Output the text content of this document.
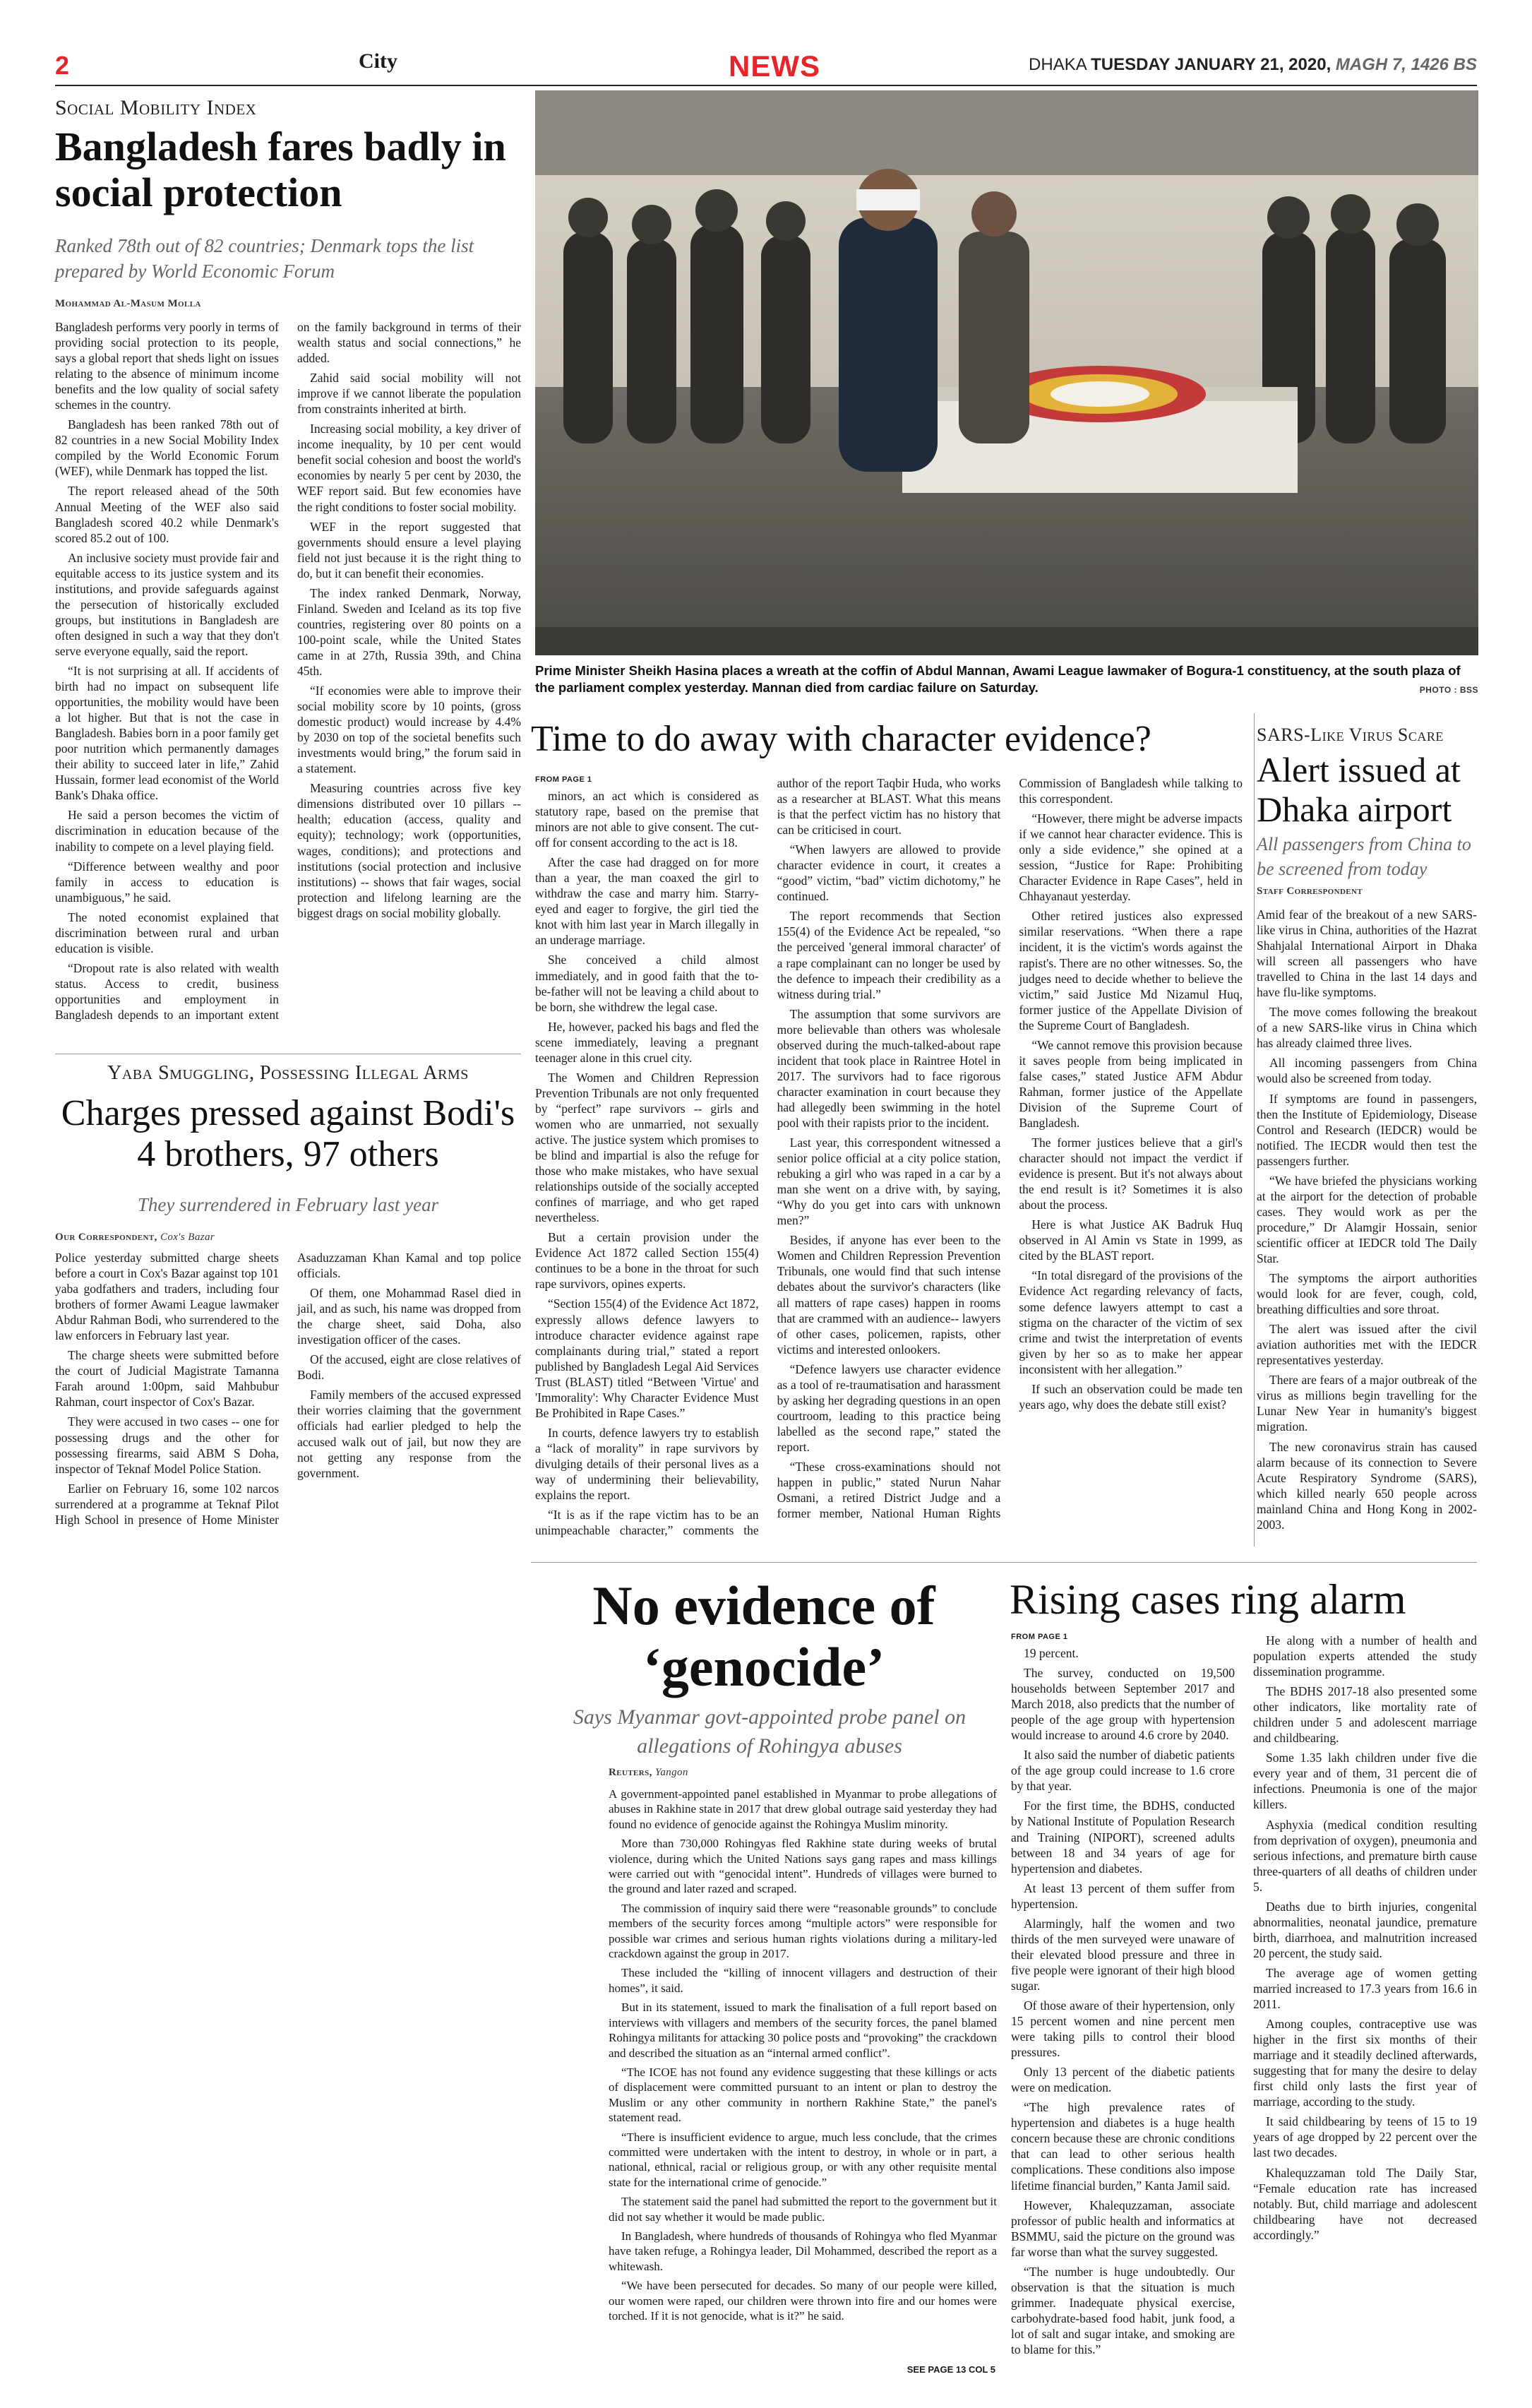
2	City	NEWS	DHAKA TUESDAY JANUARY 21, 2020, MAGH 7, 1426 BS
Social Mobility Index
Bangladesh fares badly in social protection
Ranked 78th out of 82 countries; Denmark tops the list prepared by World Economic Forum
Mohammad Al-Masum Molla

Bangladesh performs very poorly in terms of providing social protection to its people, says a global report that sheds light on issues relating to the absence of minimum income benefits and the low quality of social safety schemes in the country.

Bangladesh has been ranked 78th out of 82 countries in a new Social Mobility Index compiled by the World Economic Forum (WEF), while Denmark has topped the list.

The report released ahead of the 50th Annual Meeting of the WEF also said Bangladesh scored 40.2 while Denmark's scored 85.2 out of 100.

An inclusive society must provide fair and equitable access to its justice system and its institutions, and provide safeguards against the persecution of historically excluded groups, but institutions in Bangladesh are often designed in such a way that they don't serve everyone equally, said the report.

“It is not surprising at all. If accidents of birth had no impact on subsequent life opportunities, the mobility would have been a lot higher. But that is not the case in Bangladesh. Babies born in a poor family get poor nutrition which permanently damages their ability to succeed later in life,” Zahid Hussain, former lead economist of the World Bank's Dhaka office.

He said a person becomes the victim of discrimination in education because of the inability to compete on a level playing field.

“Difference between wealthy and poor family in access to education is unambiguous,” he said.

The noted economist explained that discrimination between rural and urban education is visible.

“Dropout rate is also related with wealth status. Access to credit, business opportunities and employment in Bangladesh depends to an important extent on the family background in terms of their wealth status and social connections,” he added.

Zahid said social mobility will not improve if we cannot liberate the population from constraints inherited at birth.

Increasing social mobility, a key driver of income inequality, by 10 per cent would benefit social cohesion and boost the world's economies by nearly 5 per cent by 2030, the WEF report said. But few economies have the right conditions to foster social mobility.

WEF in the report suggested that governments should ensure a level playing field not just because it is the right thing to do, but it can benefit their economies.

The index ranked Denmark, Norway, Finland. Sweden and Iceland as its top five countries, registering over 80 points on a 100-point scale, while the United States came in at 27th, Russia 39th, and China 45th.

“If economies were able to improve their social mobility score by 10 points, (gross domestic product) would increase by 4.4% by 2030 on top of the societal benefits such investments would bring,” the forum said in a statement.

Measuring countries across five key dimensions distributed over 10 pillars -- health; education (access, quality and equity); technology; work (opportunities, wages, conditions); and protections and institutions (social protection and inclusive institutions) -- shows that fair wages, social protection and lifelong learning are the biggest drags on social mobility globally.

Prime Minister Sheikh Hasina places a wreath at the coffin of Abdul Mannan, Awami League lawmaker of Bogura-1 constituency, at the south plaza of the parliament complex yesterday. Mannan died from cardiac failure on Saturday.	PHOTO : BSS
Yaba Smuggling, Possessing Illegal Arms
Charges pressed against Bodi's 4 brothers, 97 others
They surrendered in February last year
Our Correspondent, Cox's Bazar

Police yesterday submitted charge sheets before a court in Cox's Bazar against top 101 yaba godfathers and traders, including four brothers of former Awami League lawmaker Abdur Rahman Bodi, who surrendered to the law enforcers in February last year.

The charge sheets were submitted before the court of Judicial Magistrate Tamanna Farah around 1:00pm, said Mahbubur Rahman, court inspector of Cox's Bazar.

They were accused in two cases -- one for possessing drugs and the other for possessing firearms, said ABM S Doha, inspector of Teknaf Model Police Station.

Earlier on February 16, some 102 narcos surrendered at a programme at Teknaf Pilot High School in presence of Home Minister Asaduzzaman Khan Kamal and top police officials.

Of them, one Mohammad Rasel died in jail, and as such, his name was dropped from the charge sheet, said Doha, also investigation officer of the cases.

Of the accused, eight are close relatives of Bodi.

Family members of the accused expressed their worries claiming that the government officials had earlier pledged to help the accused walk out of jail, but now they are not getting any response from the government.

Time to do away with character evidence?

FROM PAGE 1

minors, an act which is considered as statutory rape, based on the premise that minors are not able to give consent. The cut-off for consent according to the act is 18.

After the case had dragged on for more than a year, the man coaxed the girl to withdraw the case and marry him. Starry-eyed and eager to forgive, the girl tied the knot with him last year in March illegally in an underage marriage.

She conceived a child almost immediately, and in good faith that the to-be-father will not be leaving a child about to be born, she withdrew the legal case.

He, however, packed his bags and fled the scene immediately, leaving a pregnant teenager alone in this cruel city.

The Women and Children Repression Prevention Tribunals are not only frequented by “perfect” rape survivors -- girls and women who are unmarried, not sexually active. The justice system which promises to be blind and impartial is also the refuge for those who make mistakes, who have sexual relationships outside of the socially accepted confines of marriage, and who get raped nevertheless.

But a certain provision under the Evidence Act 1872 called Section 155(4) continues to be a bone in the throat for such rape survivors, opines experts.

“Section 155(4) of the Evidence Act 1872, expressly allows defence lawyers to introduce character evidence against rape complainants during trial,” stated a report published by Bangladesh Legal Aid Services Trust (BLAST) titled “Between 'Virtue' and 'Immorality': Why Character Evidence Must Be Prohibited in Rape Cases.”

In courts, defence lawyers try to establish a “lack of morality” in rape survivors by divulging details of their personal lives as a way of undermining their believability, explains the report.

“It is as if the rape victim has to be an unimpeachable character,” comments the author of the report Taqbir Huda, who works as a researcher at BLAST. What this means is that the perfect victim has no history that can be criticised in court.

“When lawyers are allowed to provide character evidence in court, it creates a “good” victim, “bad” victim dichotomy,” he continued.

The report recommends that Section 155(4) of the Evidence Act be repealed, “so the perceived 'general immoral character' of a rape complainant can no longer be used by the defence to impeach their credibility as a witness during trial.”

The assumption that some survivors are more believable than others was wholesale observed during the much-talked-about rape incident that took place in Raintree Hotel in 2017. The survivors had to face rigorous character examination in court because they had allegedly been swimming in the hotel pool with their rapists prior to the incident.

Last year, this correspondent witnessed a senior police official at a city police station, rebuking a girl who was raped in a car by a man she went on a drive with, by saying, “Why do you get into cars with unknown men?”

Besides, if anyone has ever been to the Women and Children Repression Prevention Tribunals, one would find that such intense debates about the survivor's characters (like all matters of rape cases) happen in rooms that are crammed with an audience-- lawyers of other cases, policemen, rapists, other victims and interested onlookers.

“Defence lawyers use character evidence as a tool of re-traumatisation and harassment by asking her degrading questions in an open courtroom, leading to this practice being labelled as the second rape,” stated the report.

“These cross-examinations should not happen in public,” stated Nurun Nahar Osmani, a retired District Judge and a former member, National Human Rights Commission of Bangladesh while talking to this correspondent.

“However, there might be adverse impacts if we cannot hear character evidence. This is only a side evidence,” she opined at a session, “Justice for Rape: Prohibiting Character Evidence in Rape Cases”, held in Chhayanaut yesterday.

Other retired justices also expressed similar reservations. “When there a rape incident, it is the victim's words against the rapist's. There are no other witnesses. So, the judges need to decide whether to believe the victim,” said Justice Md Nizamul Huq, former justice of the Appellate Division of the Supreme Court of Bangladesh.

“We cannot remove this provision because it saves people from being implicated in false cases,” stated Justice AFM Abdur Rahman, former justice of the Appellate Division of the Supreme Court of Bangladesh.

The former justices believe that a girl's character should not impact the verdict if evidence is present. But it's not always about the end result is it? Sometimes it is also about the process.

Here is what Justice AK Badruk Huq observed in Al Amin vs State in 1999, as cited by the BLAST report.

“In total disregard of the provisions of the Evidence Act regarding relevancy of facts, some defence lawyers attempt to cast a stigma on the character of the victim of sex crime and twist the interpretation of events given by her so as to make her appear inconsistent with her allegation.”

If such an observation could be made ten years ago, why does the debate still exist?

SARS-Like Virus Scare
Alert issued at Dhaka airport
All passengers from China to be screened from today
Staff Correspondent

Amid fear of the breakout of a new SARS-like virus in China, authorities of the Hazrat Shahjalal International Airport in Dhaka will screen all passengers who have travelled to China in the last 14 days and have flu-like symptoms.

The move comes following the breakout of a new SARS-like virus in China which has already claimed three lives.

All incoming passengers from China would also be screened from today.

If symptoms are found in passengers, then the Institute of Epidemiology, Disease Control and Research (IEDCR) would be notified. The IECDR would then test the passengers further.

“We have briefed the physicians working at the airport for the detection of probable cases. They would work as per the procedure,” Dr Alamgir Hossain, senior scientific officer at IEDCR told The Daily Star.

The symptoms the airport authorities would look for are fever, cough, cold, breathing difficulties and sore throat.

The alert was issued after the civil aviation authorities met with the IEDCR representatives yesterday.

There are fears of a major outbreak of the virus as millions begin travelling for the Lunar New Year in humanity's biggest migration.

The new coronavirus strain has caused alarm because of its connection to Severe Acute Respiratory Syndrome (SARS), which killed nearly 650 people across mainland China and Hong Kong in 2002-2003.

No evidence of
‘genocide’
Says Myanmar govt-appointed probe panel on allegations of Rohingya abuses
Reuters, Yangon

A government-appointed panel established in Myanmar to probe allegations of abuses in Rakhine state in 2017 that drew global outrage said yesterday they had found no evidence of genocide against the Rohingya Muslim minority.

More than 730,000 Rohingyas fled Rakhine state during weeks of brutal violence, during which the United Nations says gang rapes and mass killings were carried out with “genocidal intent”. Hundreds of villages were burned to the ground and later razed and scraped.

The commission of inquiry said there were “reasonable grounds” to conclude members of the security forces among “multiple actors” were responsible for possible war crimes and serious human rights violations during a military-led crackdown against the group in 2017.

These included the “killing of innocent villagers and destruction of their homes”, it said.

But in its statement, issued to mark the finalisation of a full report based on interviews with villagers and members of the security forces, the panel blamed Rohingya militants for attacking 30 police posts and “provoking” the crackdown and described the situation as an “internal armed conflict”.

“The ICOE has not found any evidence suggesting that these killings or acts of displacement were committed pursuant to an intent or plan to destroy the Muslim or any other community in northern Rakhine State,” the panel's statement read.

“There is insufficient evidence to argue, much less conclude, that the crimes committed were undertaken with the intent to destroy, in whole or in part, a national, ethnical, racial or religious group, or with any other requisite mental state for the international crime of genocide.”

The statement said the panel had submitted the report to the government but it did not say whether it would be made public.

In Bangladesh, where hundreds of thousands of Rohingya who fled Myanmar have taken refuge, a Rohingya leader, Dil Mohammed, described the report as a whitewash.

“We have been persecuted for decades. So many of our people were killed, our women were raped, our children were thrown into fire and our homes were torched. If it is not genocide, what is it?” he said.

SEE PAGE 13 COL 5
Rising cases ring alarm

FROM PAGE 1

19 percent.

The survey, conducted on 19,500 households between September 2017 and March 2018, also predicts that the number of people of the age group with hypertension would increase to around 4.6 crore by 2040.

It also said the number of diabetic patients of the age group could increase to 1.6 crore by that year.

For the first time, the BDHS, conducted by National Institute of Population Research and Training (NIPORT), screened adults between 18 and 34 years of age for hypertension and diabetes.

At least 13 percent of them suffer from hypertension.

Alarmingly, half the women and two thirds of the men surveyed were unaware of their elevated blood pressure and three in five people were ignorant of their high blood sugar.

Of those aware of their hypertension, only 15 percent women and nine percent men were taking pills to control their blood pressures.

Only 13 percent of the diabetic patients were on medication.

“The high prevalence rates of hypertension and diabetes is a huge health concern because these are chronic conditions that can lead to other serious health complications. These conditions also impose lifetime financial burden,” Kanta Jamil said.

However, Khalequzzaman, associate professor of public health and informatics at BSMMU, said the picture on the ground was far worse than what the survey suggested.

“The number is huge undoubtedly. Our observation is that the situation is much grimmer. Inadequate physical exercise, carbohydrate-based food habit, junk food, a lot of salt and sugar intake, and smoking are to blame for this.”

He along with a number of health and population experts attended the study dissemination programme.

The BDHS 2017-18 also presented some other indicators, like mortality rate of children under 5 and adolescent marriage and childbearing.

Some 1.35 lakh children under five die every year and of them, 31 percent die of infections. Pneumonia is one of the major killers.

Asphyxia (medical condition resulting from deprivation of oxygen), pneumonia and serious infections, and premature birth cause three-quarters of all deaths of children under 5.

Deaths due to birth injuries, congenital abnormalities, neonatal jaundice, premature birth, diarrhoea, and malnutrition increased 20 percent, the study said.

The average age of women getting married increased to 17.3 years from 16.6 in 2011.

Among couples, contraceptive use was higher in the first six months of their marriage and it steadily declined afterwards, suggesting that for many the desire to delay first child only lasts the first year of marriage, according to the study.

It said childbearing by teens of 15 to 19 years of age dropped by 22 percent over the last two decades.

Khalequzzaman told The Daily Star, “Female education rate has increased notably. But, child marriage and adolescent childbearing have not decreased accordingly.”
